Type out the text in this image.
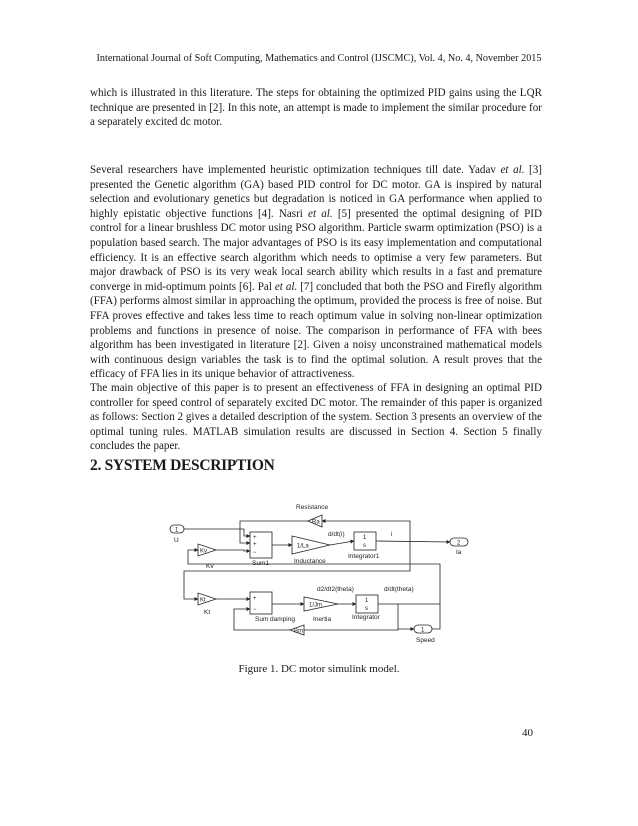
International Journal of Soft Computing, Mathematics and Control (IJSCMC), Vol. 4, No. 4, November 2015

which is illustrated in this literature. The steps for obtaining the optimized PID gains using the LQR technique are presented in [2]. In this note, an attempt is made to implement the similar procedure for a separately excited dc motor.

Several researchers have implemented heuristic optimization techniques till date. Yadav et al. [3] presented the Genetic algorithm (GA) based PID control for DC motor. GA is inspired by natural selection and evolutionary genetics but degradation is noticed in GA performance when applied to highly epistatic objective functions [4]. Nasri et al. [5] presented the optimal designing of PID control for a linear brushless DC motor using PSO algorithm. Particle swarm optimization (PSO) is a population based search. The major advantages of PSO is its easy implementation and computational efficiency. It is an effective search algorithm which needs to optimise a very few parameters. But major drawback of PSO is its very weak local search ability which results in a fast and premature converge in mid-optimum points [6]. Pal et al. [7] concluded that both the PSO and Firefly algorithm (FFA) performs almost similar in approaching the optimum, provided the process is free of noise. But FFA proves effective and takes less time to reach optimum value in solving non-linear optimization problems and functions in presence of noise. The comparison in performance of FFA with bees algorithm has been investigated in literature [2]. Given a noisy unconstrained mathematical models with continuous design variables the task is to find the optimal solution. A result proves that the efficacy of FFA lies in its unique behavior of attractiveness.

The main objective of this paper is to present an effectiveness of FFA in designing an optimal PID controller for speed control of separately excited DC motor. The remainder of this paper is organized as follows: Section 2 gives a detailed description of the system. Section 3 presents an overview of the optimal tuning rules. MATLAB simulation results are discussed in Section 4. Section 5 finally concludes the paper.

2. SYSTEM DESCRIPTION
Resistance
Ra
1
U
Kv
Kv
+
+
−
Sum1
1/La
Inductance
d/dt(i)	1
s
Integrator1
i
2
Ia
d2/dt2(theta)	d/dt(theta)
Kt
Kt
+
−
Sum damping
1/Jm
Inertia
1
s
Integrator
Bm	1
Speed
Figure 1. DC motor simulink model.
40
